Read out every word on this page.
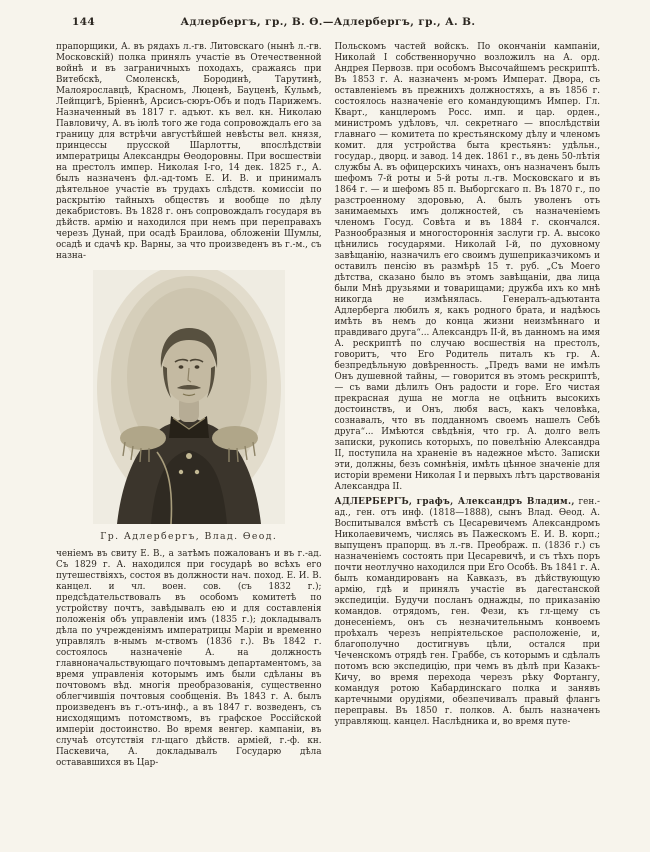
144	Адлербергъ, гр., В. Ѳ.—Адлербергъ, гр., А. В.

прапорщики, А. въ рядахъ л.-гв. Литовскаго (нынѣ л.-гв. Московскій) полка принялъ участіе въ Отечественной войнѣ и въ заграничныхъ походахъ, сражаясь при Витебскѣ, Смоленскѣ, Бородинѣ, Тарутинѣ, Малоярославцѣ, Красномъ, Люценѣ, Бауценѣ, Кульмѣ, Лейпцигѣ, Бріеннѣ, Арсисъ-сюръ-Объ и подъ Парижемъ. Назначенный въ 1817 г. адъют. къ вел. кн. Николаю Павловичу, А. въ іюлѣ того же года сопровождалъ его за границу для встрѣчи августѣйшей невѣсты вел. князя, принцессы прусской Шарлотты, впослѣдствіи императрицы Александры Ѳеодоровны. При восшествіи на престолъ импер. Николая I-го, 14 дек. 1825 г., А. былъ назначенъ фл.-ад-томъ Е. И. В. и принималъ дѣятельное участіе въ трудахъ слѣдств. комиссіи по раскрытію тайныхъ обществъ и вообще по дѣлу декабристовъ. Въ 1828 г. онъ сопровождалъ государя въ дѣйств. армію и находился при немъ при переправахъ черезъ Дунай, при осадѣ Браилова, обложеніи Шумлы, осадѣ и сдачѣ кр. Варны, за что произведенъ въ г.-м., съ назна-

Гр. Адлербергъ, Влад. Ѳеод.

ченіемъ въ свиту Е. В., а затѣмъ пожалованъ и въ г.-ад. Съ 1829 г. А. находился при государѣ во всѣхъ его путешествіяхъ, состоя въ должности нач. поход. Е. И. В. канцел. и чл. воен. сов. (съ 1832 г.); предсѣдательствовалъ въ особомъ комитетѣ по устройству почтъ, завѣдывалъ ею и для составленія положенія объ управленіи имъ (1835 г.); докладывалъ дѣла по учрежденіямъ императрицы Маріи и временно управлялъ в-нымъ м-ствомъ (1836 г.). Въ 1842 г. состоялось назначеніе А. на должность главноначальствующаго почтовымъ департаментомъ, за время управленія которымъ имъ были сдѣланы въ почтовомъ вѣд. многія преобразованія, существенно облегчившія почтовыя сообщенія. Въ 1843 г. А. былъ произведенъ въ г.-отъ-инф., а въ 1847 г. возведенъ, съ нисходящимъ потомствомъ, въ графское Россійской имперіи достоинство. Во время венгер. кампаніи, въ случаѣ отсутствія гл-щаго дѣйств. арміей, г.-ф. кн. Паскевича, А. докладывалъ Государю дѣла остававшихся въ Цар-

Польскомъ частей войскъ. По окончаніи кампаніи, Николай I собственноручно возложилъ на А. орд. Андрея Первозв. при особомъ Высочайшемъ рескриптѣ. Въ 1853 г. А. назначенъ м-ромъ Императ. Двора, съ оставленіемъ въ прежнихъ должностяхъ, а въ 1856 г. состоялось назначеніе его командующимъ Импер. Гл. Кварт., канцлеромъ Росс. имп. и цар. орден., министромъ удѣловъ, чл. секретнаго — впослѣдствіи главнаго — комитета по крестьянскому дѣлу и членомъ комит. для устройства быта крестьянъ: удѣльн., государ., дворц. и завод. 14 дек. 1861 г., въ день 50-лѣтія службы А. въ офицерскихъ чинахъ, онъ назначенъ былъ шефомъ 7-й роты и 5-й роты л.-гв. Московскаго и въ 1864 г. — и шефомъ 85 п. Выборгскаго п. Въ 1870 г., по разстроенному здоровью, А. былъ уволенъ отъ занимаемыхъ имъ должностей, съ назначеніемъ членомъ Госуд. Совѣта и въ 1884 г. скончался. Разнообразныя и многостороннія заслуги гр. А. высоко цѣнились государями. Николай I-й, по духовному завѣщанію, назначилъ его своимъ душеприказчикомъ и оставилъ пенсію въ размѣрѣ 15 т. руб. „Съ Моего дѣтства, сказано было въ этомъ завѣщаніи, два лица были Мнѣ друзьями и товарищами; дружба ихъ ко мнѣ никогда не измѣнялась. Генералъ-адъютанта Адлерберга любилъ я, какъ родного брата, и надѣюсь имѣть въ немъ до конца жизни неизмѣннаго и правдиваго друга“... Александръ II-й, въ данномъ на имя А. рескриптѣ по случаю восшествія на престолъ, говоритъ, что Его Родитель питалъ къ гр. А. безпредѣльную довѣренность. „Предъ вами не имѣлъ Онъ душевной тайны, — говорится въ этомъ рескриптѣ, — съ вами дѣлилъ Онъ радости и горе. Его чистая прекрасная душа не могла не оцѣнить высокихъ достоинствъ, и Онъ, любя васъ, какъ человѣка, сознавалъ, что въ подданномъ своемъ нашелъ Себѣ друга“... Имѣются свѣдѣнія, что гр. А. долго велъ записки, рукопись которыхъ, по повелѣнію Александра II, поступила на храненіе въ надежное мѣсто. Записки эти, должны, безъ сомнѣнія, имѣть цѣнное значеніе для исторіи времени Николая I и первыхъ лѣтъ царствованія Александра II.

АДЛЕРБЕРГЪ, графъ, Александръ Владим., ген.-ад., ген. отъ инф. (1818—1888), сынъ Влад. Ѳеод. А. Воспитывался вмѣстѣ съ Цесаревичемъ Александромъ Николаевичемъ, числясь въ Пажескомъ Е. И. В. корп.; выпущенъ прапорщ. въ л.-гв. Преображ. п. (1836 г.) съ назначеніемъ состоять при Цесаревичѣ, и съ тѣхъ поръ почти неотлучно находился при Его Особѣ. Въ 1841 г. А. былъ командированъ на Кавказъ, въ дѣйствующую армію, гдѣ и принялъ участіе въ дагестанской экспедиціи. Будучи посланъ однажды, по приказанію командов. отрядомъ, ген. Фези, къ гл-щему съ донесеніемъ, онъ съ незначительнымъ конвоемъ проѣхалъ черезъ непріятельское расположеніе, и, благополучно достигнувъ цѣли, остался при Чеченскомъ отрядѣ ген. Граббе, съ которымъ и сдѣлалъ потомъ всю экспедицію, при чемъ въ дѣлѣ при Казакъ-Кичу, во время перехода черезъ рѣку Фортангу, командуя ротою Кабардинскаго полка и занявъ картечными орудіями, обезпечивалъ правый флангъ переправы. Въ 1850 г. полков. А. былъ назначенъ управляющ. канцел. Наслѣдника и, во время путе-
